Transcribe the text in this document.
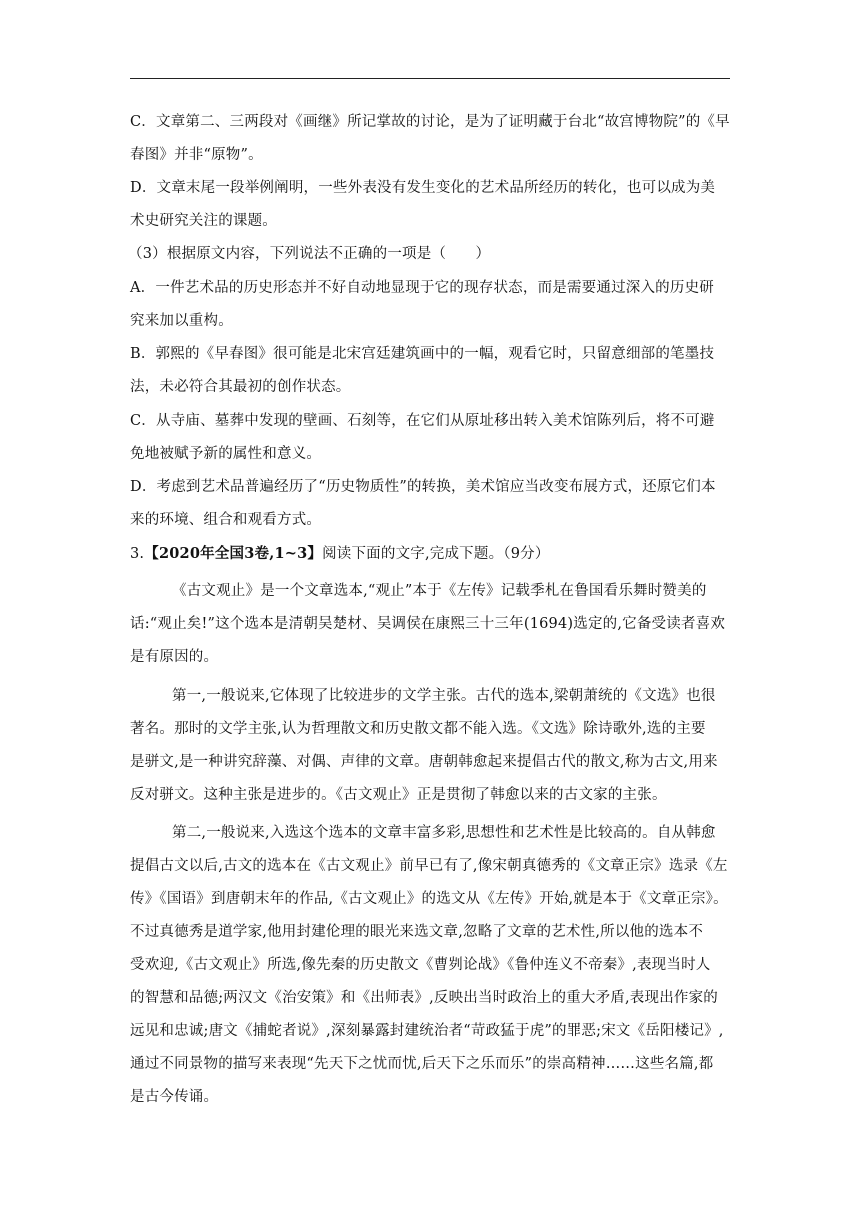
C．文章第二、三两段对《画继》所记掌故的讨论，是为了证明藏于台北“故宫博物院”的《早
春图》并非“原物”。
D．文章末尾一段举例阐明，一些外表没有发生变化的艺术品所经历的转化，也可以成为美
术史研究关注的课题。
（3）根据原文内容，下列说法不正确的一项是（　　）
A．一件艺术品的历史形态并不好自动地显现于它的现存状态，而是需要通过深入的历史研
究来加以重构。
B．郭熙的《早春图》很可能是北宋宫廷建筑画中的一幅，观看它时，只留意细部的笔墨技
法，未必符合其最初的创作状态。
C．从寺庙、墓葬中发现的壁画、石刻等，在它们从原址移出转入美术馆陈列后，将不可避
免地被赋予新的属性和意义。
D．考虑到艺术品普遍经历了“历史物质性”的转换，美术馆应当改变布展方式，还原它们本
来的环境、组合和观看方式。
3.【2020年全国3卷,1~3】阅读下面的文字,完成下题。（9分）
《古文观止》是一个文章选本,“观止”本于《左传》记载季札在鲁国看乐舞时赞美的
话:“观止矣!”这个选本是清朝吴楚材、吴调侯在康熙三十三年(1694)选定的,它备受读者喜欢
是有原因的。
第一,一般说来,它体现了比较进步的文学主张。古代的选本,梁朝萧统的《文选》也很
著名。那时的文学主张,认为哲理散文和历史散文都不能入选。《文选》除诗歌外,选的主要
是骈文,是一种讲究辞藻、对偶、声律的文章。唐朝韩愈起来提倡古代的散文,称为古文,用来
反对骈文。这种主张是进步的。《古文观止》正是贯彻了韩愈以来的古文家的主张。
第二,一般说来,入选这个选本的文章丰富多彩,思想性和艺术性是比较高的。自从韩愈
提倡古文以后,古文的选本在《古文观止》前早已有了,像宋朝真德秀的《文章正宗》选录《左
传》《国语》到唐朝末年的作品,《古文观止》的选文从《左传》开始,就是本于《文章正宗》。
不过真德秀是道学家,他用封建伦理的眼光来选文章,忽略了文章的艺术性,所以他的选本不
受欢迎,《古文观止》所选,像先秦的历史散文《曹刿论战》《鲁仲连义不帝秦》,表现当时人
的智慧和品德;两汉文《治安策》和《出师表》,反映出当时政治上的重大矛盾,表现出作家的
远见和忠诚;唐文《捕蛇者说》,深刻暴露封建统治者“苛政猛于虎”的罪恶;宋文《岳阳楼记》,
通过不同景物的描写来表现“先天下之忧而忧,后天下之乐而乐”的崇高精神……这些名篇,都
是古今传诵。
